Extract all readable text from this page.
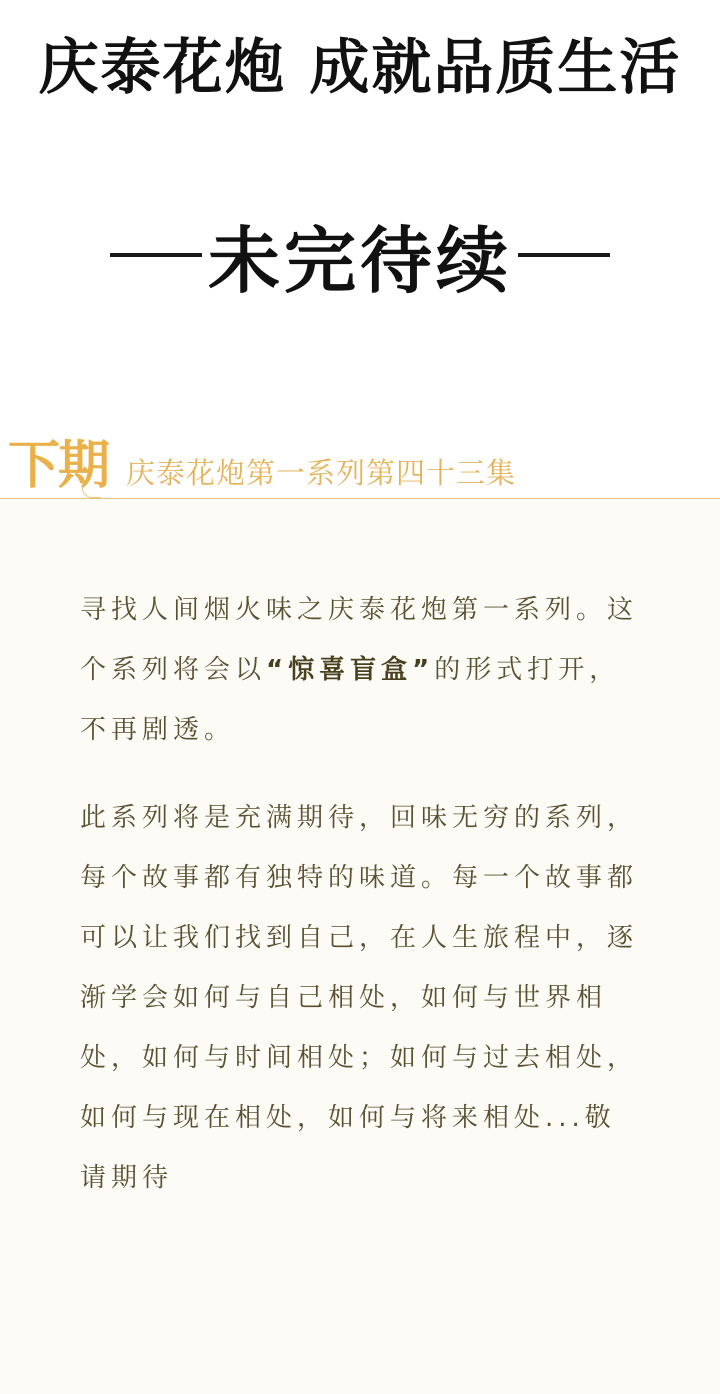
庆泰花炮 成就品质生活
未完待续
下期 庆泰花炮第一系列第四十三集

寻找人间烟火味之庆泰花炮第一系列。这个系列将会以“惊喜盲盒”的形式打开，不再剧透。

此系列将是充满期待，回味无穷的系列，每个故事都有独特的味道。每一个故事都可以让我们找到自己，在人生旅程中，逐渐学会如何与自己相处，如何与世界相处，如何与时间相处；如何与过去相处，如何与现在相处，如何与将来相处...敬请期待
